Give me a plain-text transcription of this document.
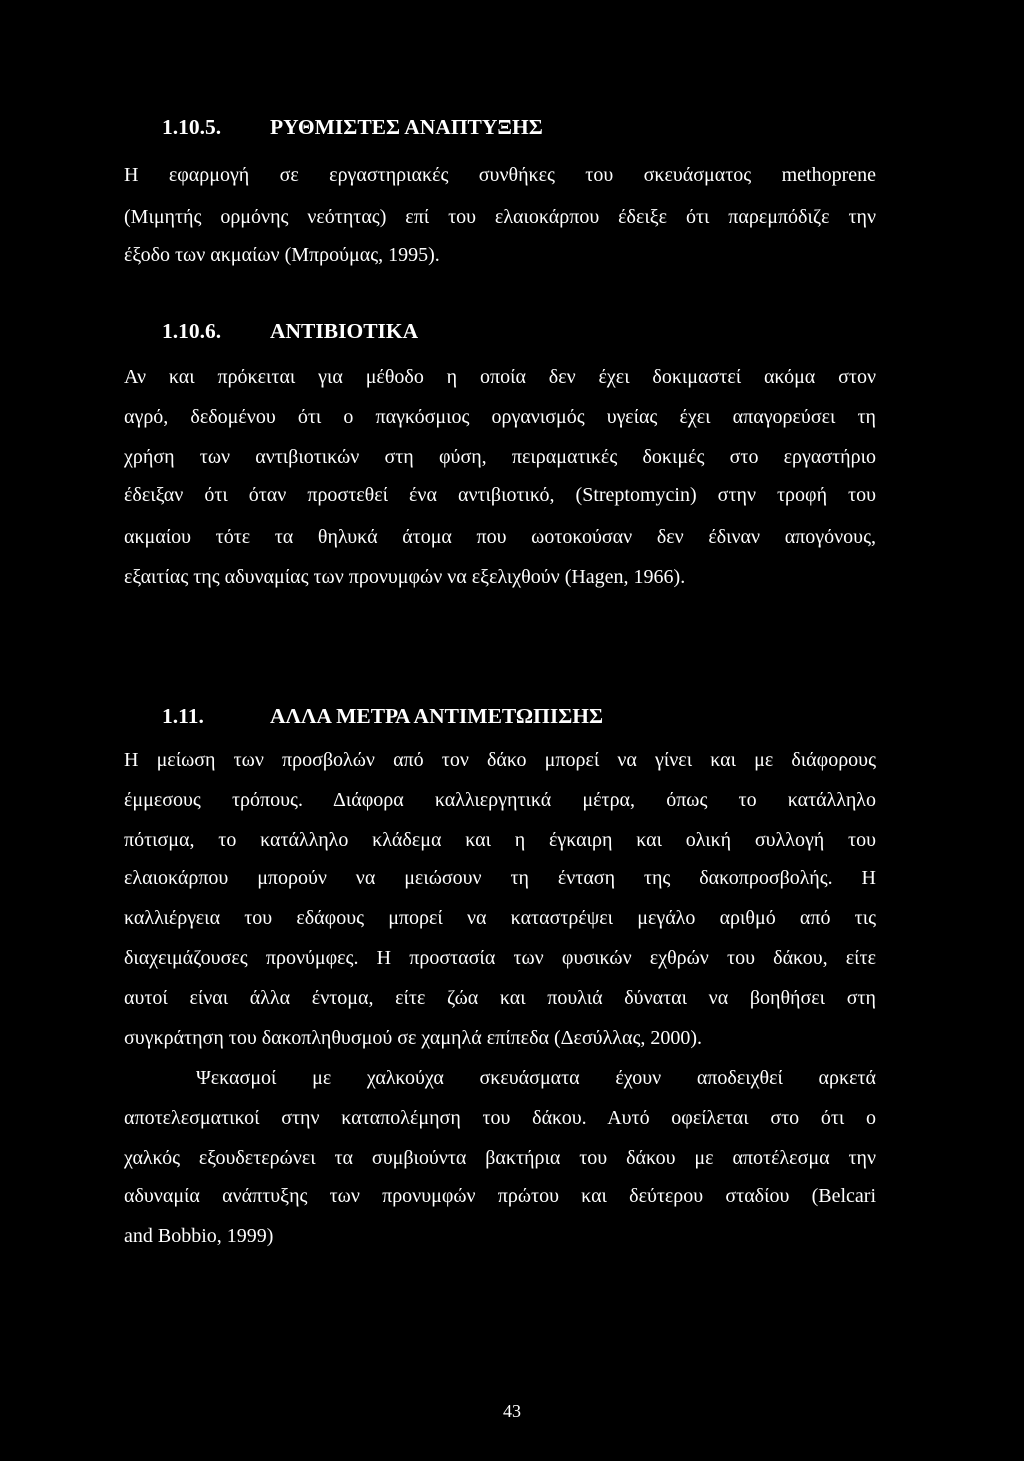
1.10.5. ΡΥΘΜΙΣΤΕΣ ΑΝΑΠΤΥΞΗΣ
Η εφαρμογή σε εργαστηριακές συνθήκες του σκευάσματος methoprene
(Μιμητής ορμόνης νεότητας) επί του ελαιοκάρπου έδειξε ότι παρεμπόδιζε την
έξοδο των ακμαίων (Μπρούμας, 1995).
1.10.6. ΑΝΤΙΒΙΟΤΙΚΑ
Αν και πρόκειται για μέθοδο η οποία δεν έχει δοκιμαστεί ακόμα στον
αγρό, δεδομένου ότι ο παγκόσμιος οργανισμός υγείας έχει απαγορεύσει τη
χρήση των αντιβιοτικών στη φύση, πειραματικές δοκιμές στο εργαστήριο
έδειξαν ότι όταν προστεθεί ένα αντιβιοτικό, (Streptomycin) στην τροφή του
ακμαίου τότε τα θηλυκά άτομα που ωοτοκούσαν δεν έδιναν απογόνους,
εξαιτίας της αδυναμίας των προνυμφών να εξελιχθούν (Hagen, 1966).
1.11.	ΑΛΛΑ ΜΕΤΡΑ ΑΝΤΙΜΕΤΩΠΙΣΗΣ
Η μείωση των προσβολών από τον δάκο μπορεί να γίνει και με διάφορους
έμμεσους τρόπους. Διάφορα καλλιεργητικά μέτρα, όπως το κατάλληλο
πότισμα, το κατάλληλο κλάδεμα και η έγκαιρη και ολική συλλογή του
ελαιοκάρπου μπορούν να μειώσουν τη ένταση της δακοπροσβολής. Η
καλλιέργεια του εδάφους μπορεί να καταστρέψει μεγάλο αριθμό από τις
διαχειμάζουσες προνύμφες. Η προστασία των φυσικών εχθρών του δάκου, είτε
αυτοί είναι άλλα έντομα, είτε ζώα και πουλιά δύναται να βοηθήσει στη
συγκράτηση του δακοπληθυσμού σε χαμηλά επίπεδα (Δεσύλλας, 2000).
Ψεκασμοί με χαλκούχα σκευάσματα έχουν αποδειχθεί αρκετά
αποτελεσματικοί στην καταπολέμηση του δάκου. Αυτό οφείλεται στο ότι ο
χαλκός εξουδετερώνει τα συμβιούντα βακτήρια του δάκου με αποτέλεσμα την
αδυναμία ανάπτυξης των προνυμφών πρώτου και δεύτερου σταδίου (Belcari
and Bobbio, 1999)
43
